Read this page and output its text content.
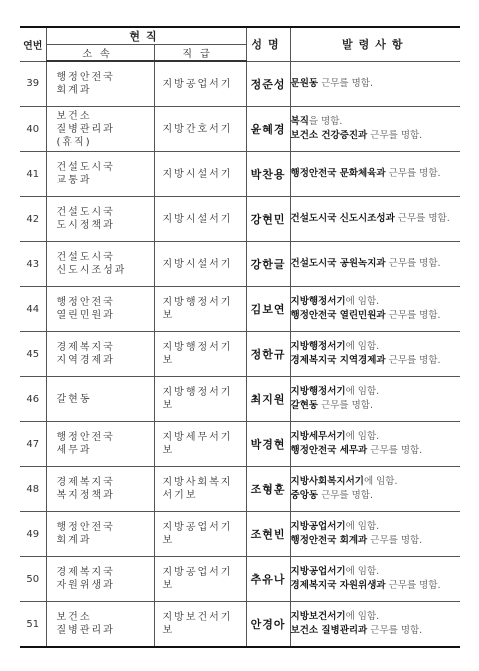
연번	현직		성명	발령사항
	소속	직급		
39	행정안전국
회계과	지방공업서기	정준성	문원동 근무를 명함.

40	보건소
질병관리과
(휴직)	지방간호서기	윤혜경	복직을 명함.
보건소 건강증진과 근무를 명함.

41	건설도시국
교통과	지방시설서기	박찬용	행정안전국 문화체육과 근무를 명함.

42	건설도시국
도시정책과	지방시설서기	강현민	건설도시국 신도시조성과 근무를 명함.

43	건설도시국
신도시조성과	지방시설서기	강한글	건설도시국 공원녹지과 근무를 명함.

44	행정안전국
열린민원과	지방행정서기보	김보연	지방행정서기에 임함.
행정안전국 열린민원과 근무를 명함.

45	경제복지국
지역경제과	지방행정서기보	정한규	지방행정서기에 임함.
경제복지국 지역경제과 근무를 명함.

46	갈현동	지방행정서기보	최지원	지방행정서기에 임함.
갈현동 근무를 명함.

47	행정안전국
세무과	지방세무서기보	박경현	지방세무서기에 임함.
행정안전국 세무과 근무를 명함.

48	경제복지국
복지정책과	지방사회복지
서기보	조형훈	지방사회복지서기에 임함.
중앙동 근무를 명함.

49	행정안전국
회계과	지방공업서기보	조현빈	지방공업서기에 임함.
행정안전국 회계과 근무를 명함.

50	경제복지국
자원위생과	지방공업서기보	추유나	지방공업서기에 임함.
경제복지국 자원위생과 근무를 명함.

51	보건소
질병관리과	지방보건서기보	안경아	지방보건서기에 임함.
보건소 질병관리과 근무를 명함.
